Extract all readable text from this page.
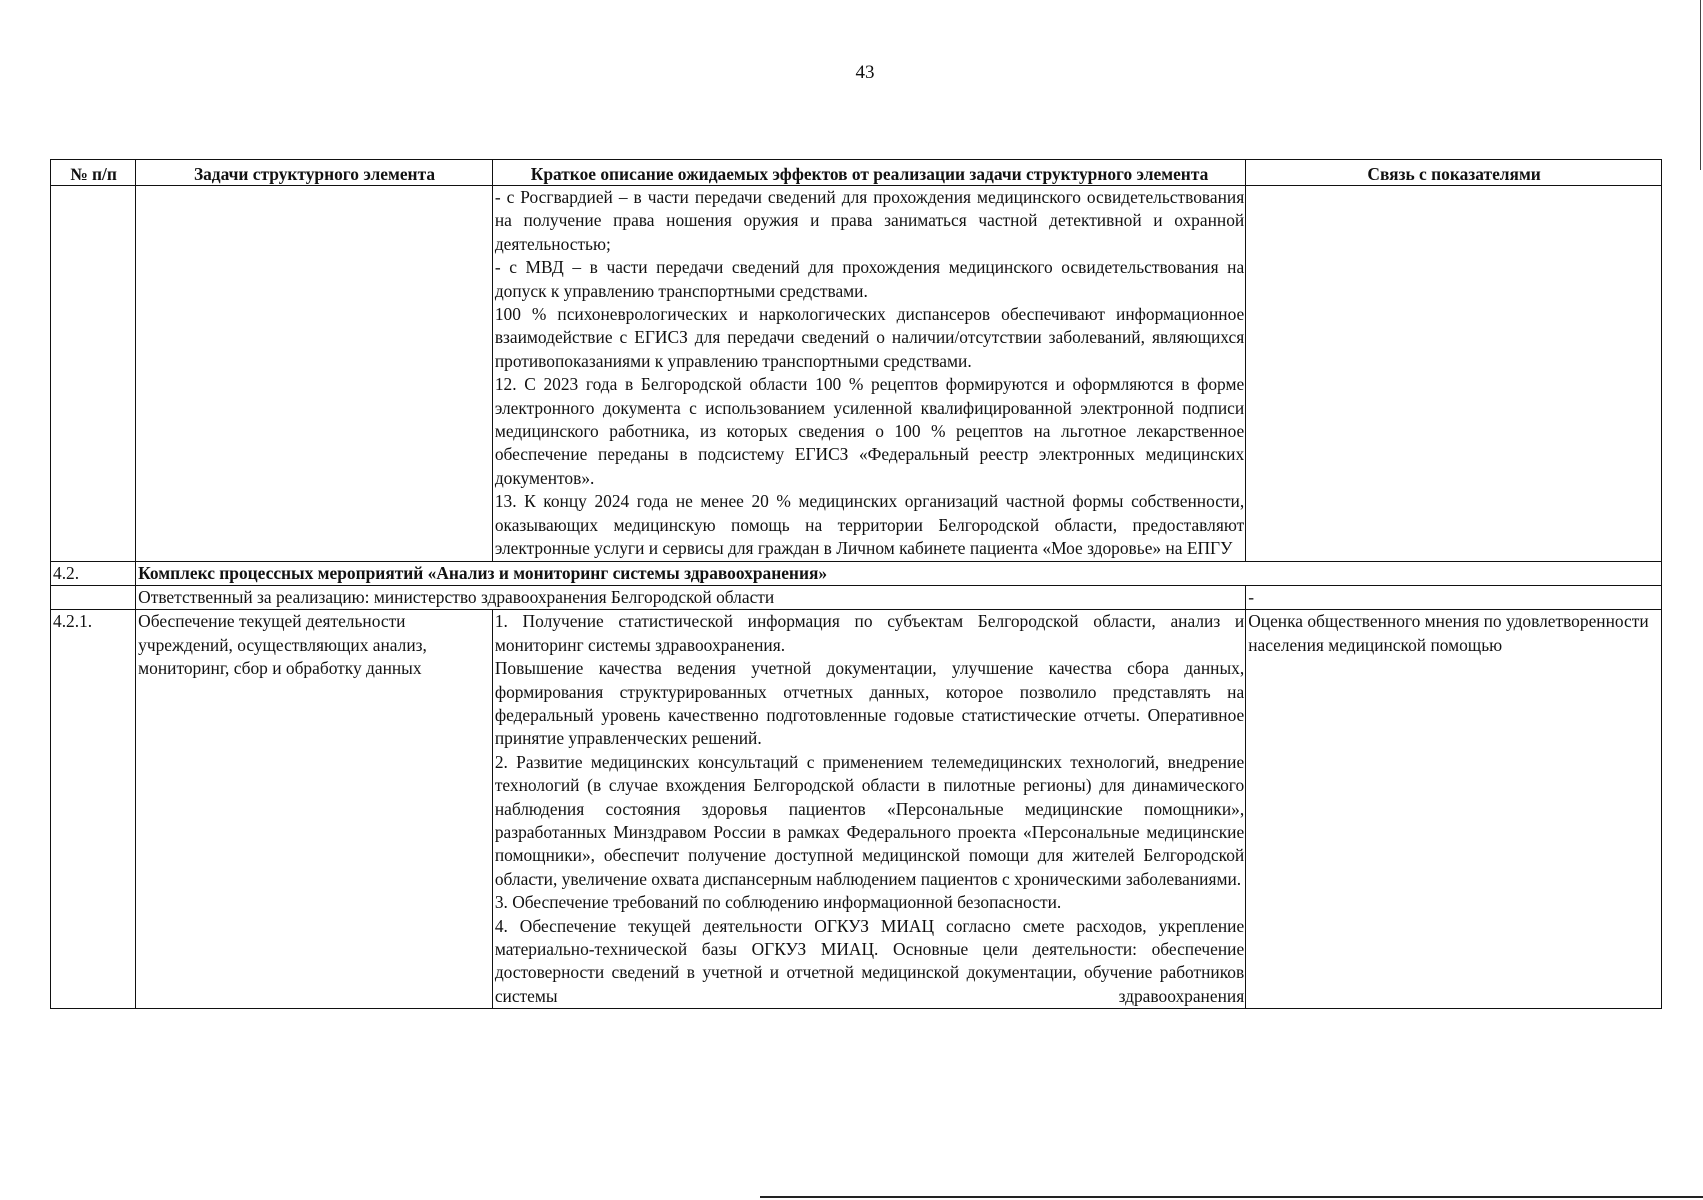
43
№ п/п	Задачи структурного элемента	Краткое описание ожидаемых эффектов от реализации задачи структурного элемента	Связь с показателями

		- с Росгвардией – в части передачи сведений для прохождения медицинского освидетельствования на получение права ношения оружия и права заниматься частной детективной и охранной деятельностью;

- с МВД – в части передачи сведений для прохождения медицинского освидетельствования на допуск к управлению транспортными средствами.

100 % психоневрологических и наркологических диспансеров обеспечивают информационное взаимодействие с ЕГИСЗ для передачи сведений о наличии/отсутствии заболеваний, являющихся противопоказаниями к управлению транспортными средствами.

12. С 2023 года в Белгородской области 100 % рецептов формируются и оформляются в форме электронного документа с использованием усиленной квалифицированной электронной подписи медицинского работника, из которых сведения о 100 % рецептов на льготное лекарственное обеспечение переданы в подсистему ЕГИСЗ «Федеральный реестр электронных медицинских документов».

13. К концу 2024 года не менее 20 % медицинских организаций частной формы собственности, оказывающих медицинскую помощь на территории Белгородской области, предоставляют электронные услуги и сервисы для граждан в Личном кабинете пациента «Мое здоровье» на ЕПГУ	

4.2.	Комплекс процессных мероприятий «Анализ и мониторинг системы здравоохранения»		
	Ответственный за реализацию: министерство здравоохранения Белгородской области		-
4.2.1.	Обеспечение текущей деятельности учреждений, осуществляющих анализ, мониторинг, сбор и обработку данных	1. Получение статистической информация по субъектам Белгородской области, анализ и мониторинг системы здравоохранения.

Повышение качества ведения учетной документации, улучшение качества сбора данных, формирования структурированных отчетных данных, которое позволило представлять на федеральный уровень качественно подготовленные годовые статистические отчеты. Оперативное принятие управленческих решений.

2. Развитие медицинских консультаций с применением телемедицинских технологий, внедрение технологий (в случае вхождения Белгородской области в пилотные регионы) для динамического наблюдения состояния здоровья пациентов «Персональные медицинские помощники», разработанных Минздравом России в рамках Федерального проекта «Персональные медицинские помощники», обеспечит получение доступной медицинской помощи для жителей Белгородской области, увеличение охвата диспансерным наблюдением пациентов с хроническими заболеваниями.

3. Обеспечение требований по соблюдению информационной безопасности.

4. Обеспечение текущей деятельности ОГКУЗ МИАЦ согласно смете расходов, укрепление материально-технической базы ОГКУЗ МИАЦ. Основные цели деятельности: обеспечение достоверности сведений в учетной и отчетной медицинской документации, обучение работников системы здравоохранения	Оценка общественного мнения по удовлетворенности населения медицинской помощью
